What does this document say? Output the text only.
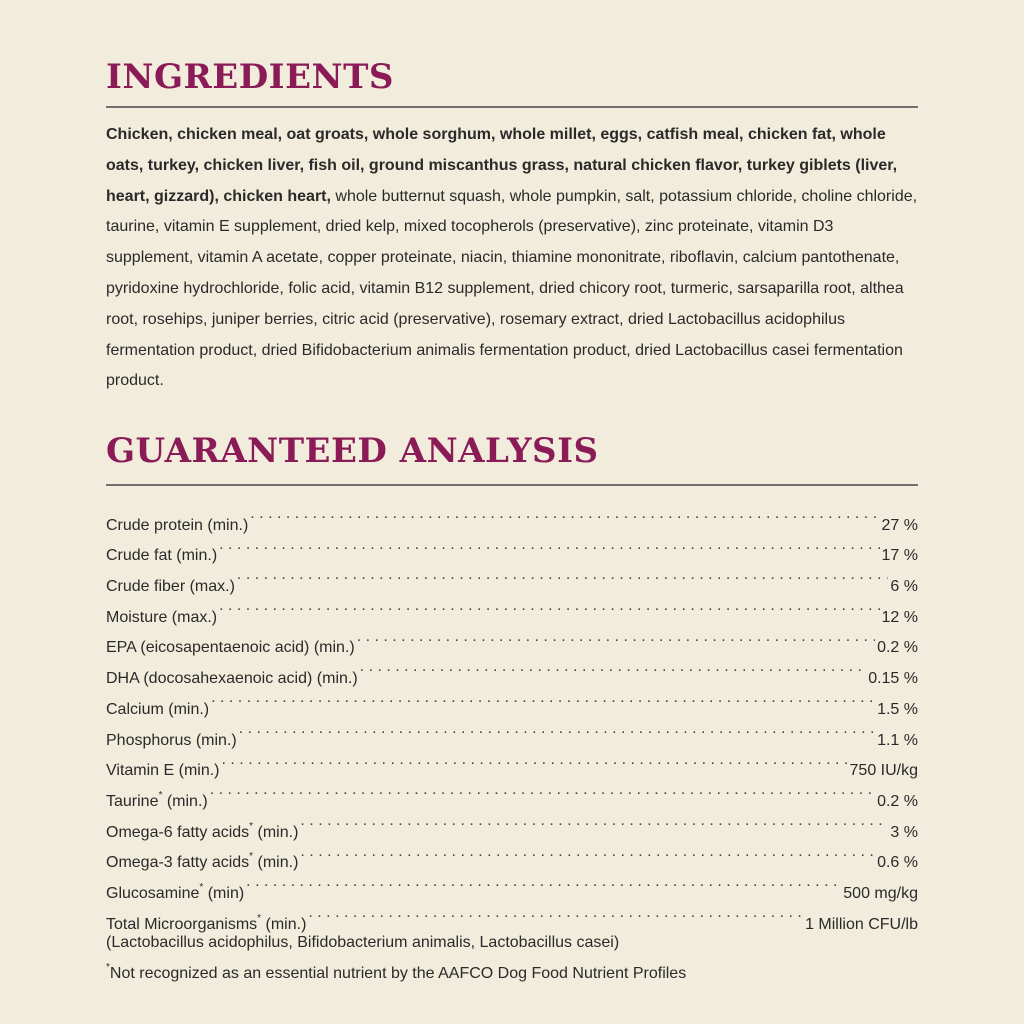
INGREDIENTS

Chicken, chicken meal, oat groats, whole sorghum, whole millet, eggs, catfish meal, chicken fat, whole oats, turkey, chicken liver, fish oil, ground miscanthus grass, natural chicken flavor, turkey giblets (liver, heart, gizzard), chicken heart, whole butternut squash, whole pumpkin, salt, potassium chloride, choline chloride, taurine, vitamin E supplement, dried kelp, mixed tocopherols (preservative), zinc proteinate, vitamin D3 supplement, vitamin A acetate, copper proteinate, niacin, thiamine mononitrate, riboflavin, calcium pantothenate, pyridoxine hydrochloride, folic acid, vitamin B12 supplement, dried chicory root, turmeric, sarsaparilla root, althea root, rosehips, juniper berries, citric acid (preservative), rosemary extract, dried Lactobacillus acidophilus fermentation product, dried Bifidobacterium animalis fermentation product, dried Lactobacillus casei fermentation product.

GUARANTEED ANALYSIS
Crude protein (min.) . . .	27 %
Crude fat (min.) . . .	17 %
Crude fiber (max.) . . .	6 %
Moisture (max.) . . .	12 %
EPA (eicosapentaenoic acid) (min.) . . .	0.2 %
DHA (docosahexaenoic acid) (min.) . . .	0.15 %
Calcium (min.) . . .	1.5 %
Phosphorus (min.) . . .	1.1 %
Vitamin E (min.) . . .	750 IU/kg
Taurine* (min.) . . .	0.2 %
Omega-6 fatty acids* (min.) . . .	3 %
Omega-3 fatty acids* (min.) . . .	0.6 %
Glucosamine* (min) . . .	500 mg/kg
Total Microorganisms* (min.) . . .	1 Million CFU/lb

(Lactobacillus acidophilus, Bifidobacterium animalis, Lactobacillus casei)

*Not recognized as an essential nutrient by the AAFCO Dog Food Nutrient Profiles
